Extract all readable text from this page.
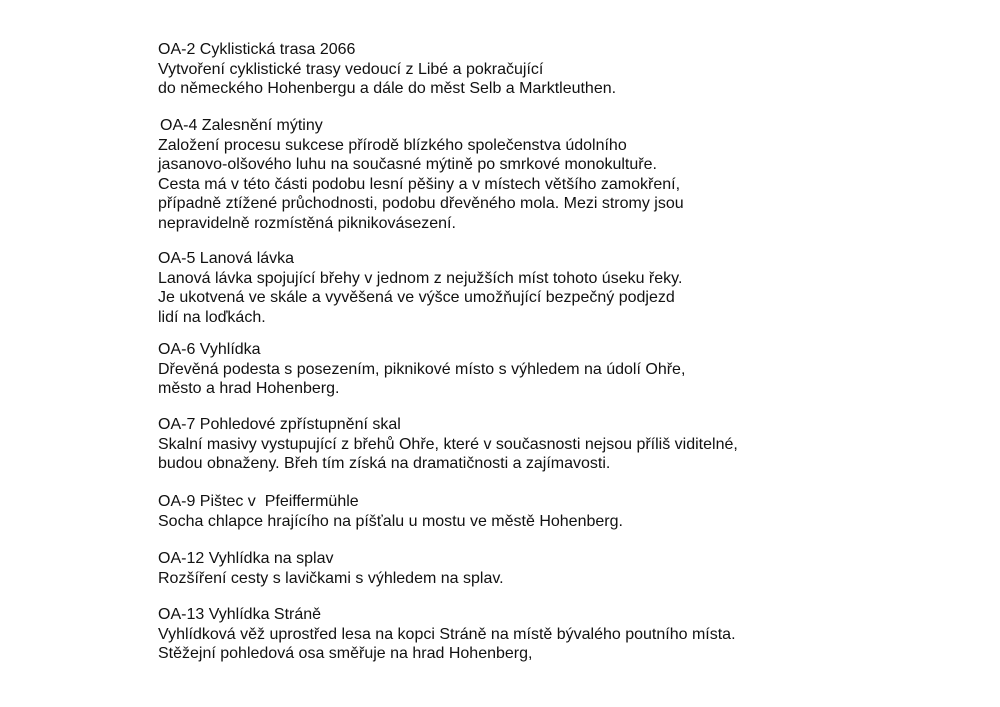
OA-2 Cyklistická trasa 2066
Vytvoření cyklistické trasy vedoucí z Libé a pokračující
do německého Hohenbergu a dále do měst Selb a Marktleuthen.
OA-4 Zalesnění mýtiny
Založení procesu sukcese přírodě blízkého společenstva údolního
jasanovo-olšového luhu na současné mýtině po smrkové monokultuře.
Cesta má v této části podobu lesní pěšiny a v místech většího zamokření,
případně ztížené průchodnosti, podobu dřevěného mola. Mezi stromy jsou
nepravidelně rozmístěná piknikovásezení.
OA-5 Lanová lávka
Lanová lávka spojující břehy v jednom z nejužších míst tohoto úseku řeky.
Je ukotvená ve skále a vyvěšená ve výšce umožňující bezpečný podjezd
lidí na loďkách.
OA-6 Vyhlídka
Dřevěná podesta s posezením, piknikové místo s výhledem na údolí Ohře,
město a hrad Hohenberg.
OA-7 Pohledové zpřístupnění skal
Skalní masivy vystupující z břehů Ohře, které v současnosti nejsou příliš viditelné,
budou obnaženy. Břeh tím získá na dramatičnosti a zajímavosti.
OA-9 Pištec v  Pfeiffermühle
Socha chlapce hrajícího na píšťalu u mostu ve městě Hohenberg.
OA-12 Vyhlídka na splav
Rozšíření cesty s lavičkami s výhledem na splav.
OA-13 Vyhlídka Stráně
Vyhlídková věž uprostřed lesa na kopci Stráně na místě bývalého poutního místa.
Stěžejní pohledová osa směřuje na hrad Hohenberg,
